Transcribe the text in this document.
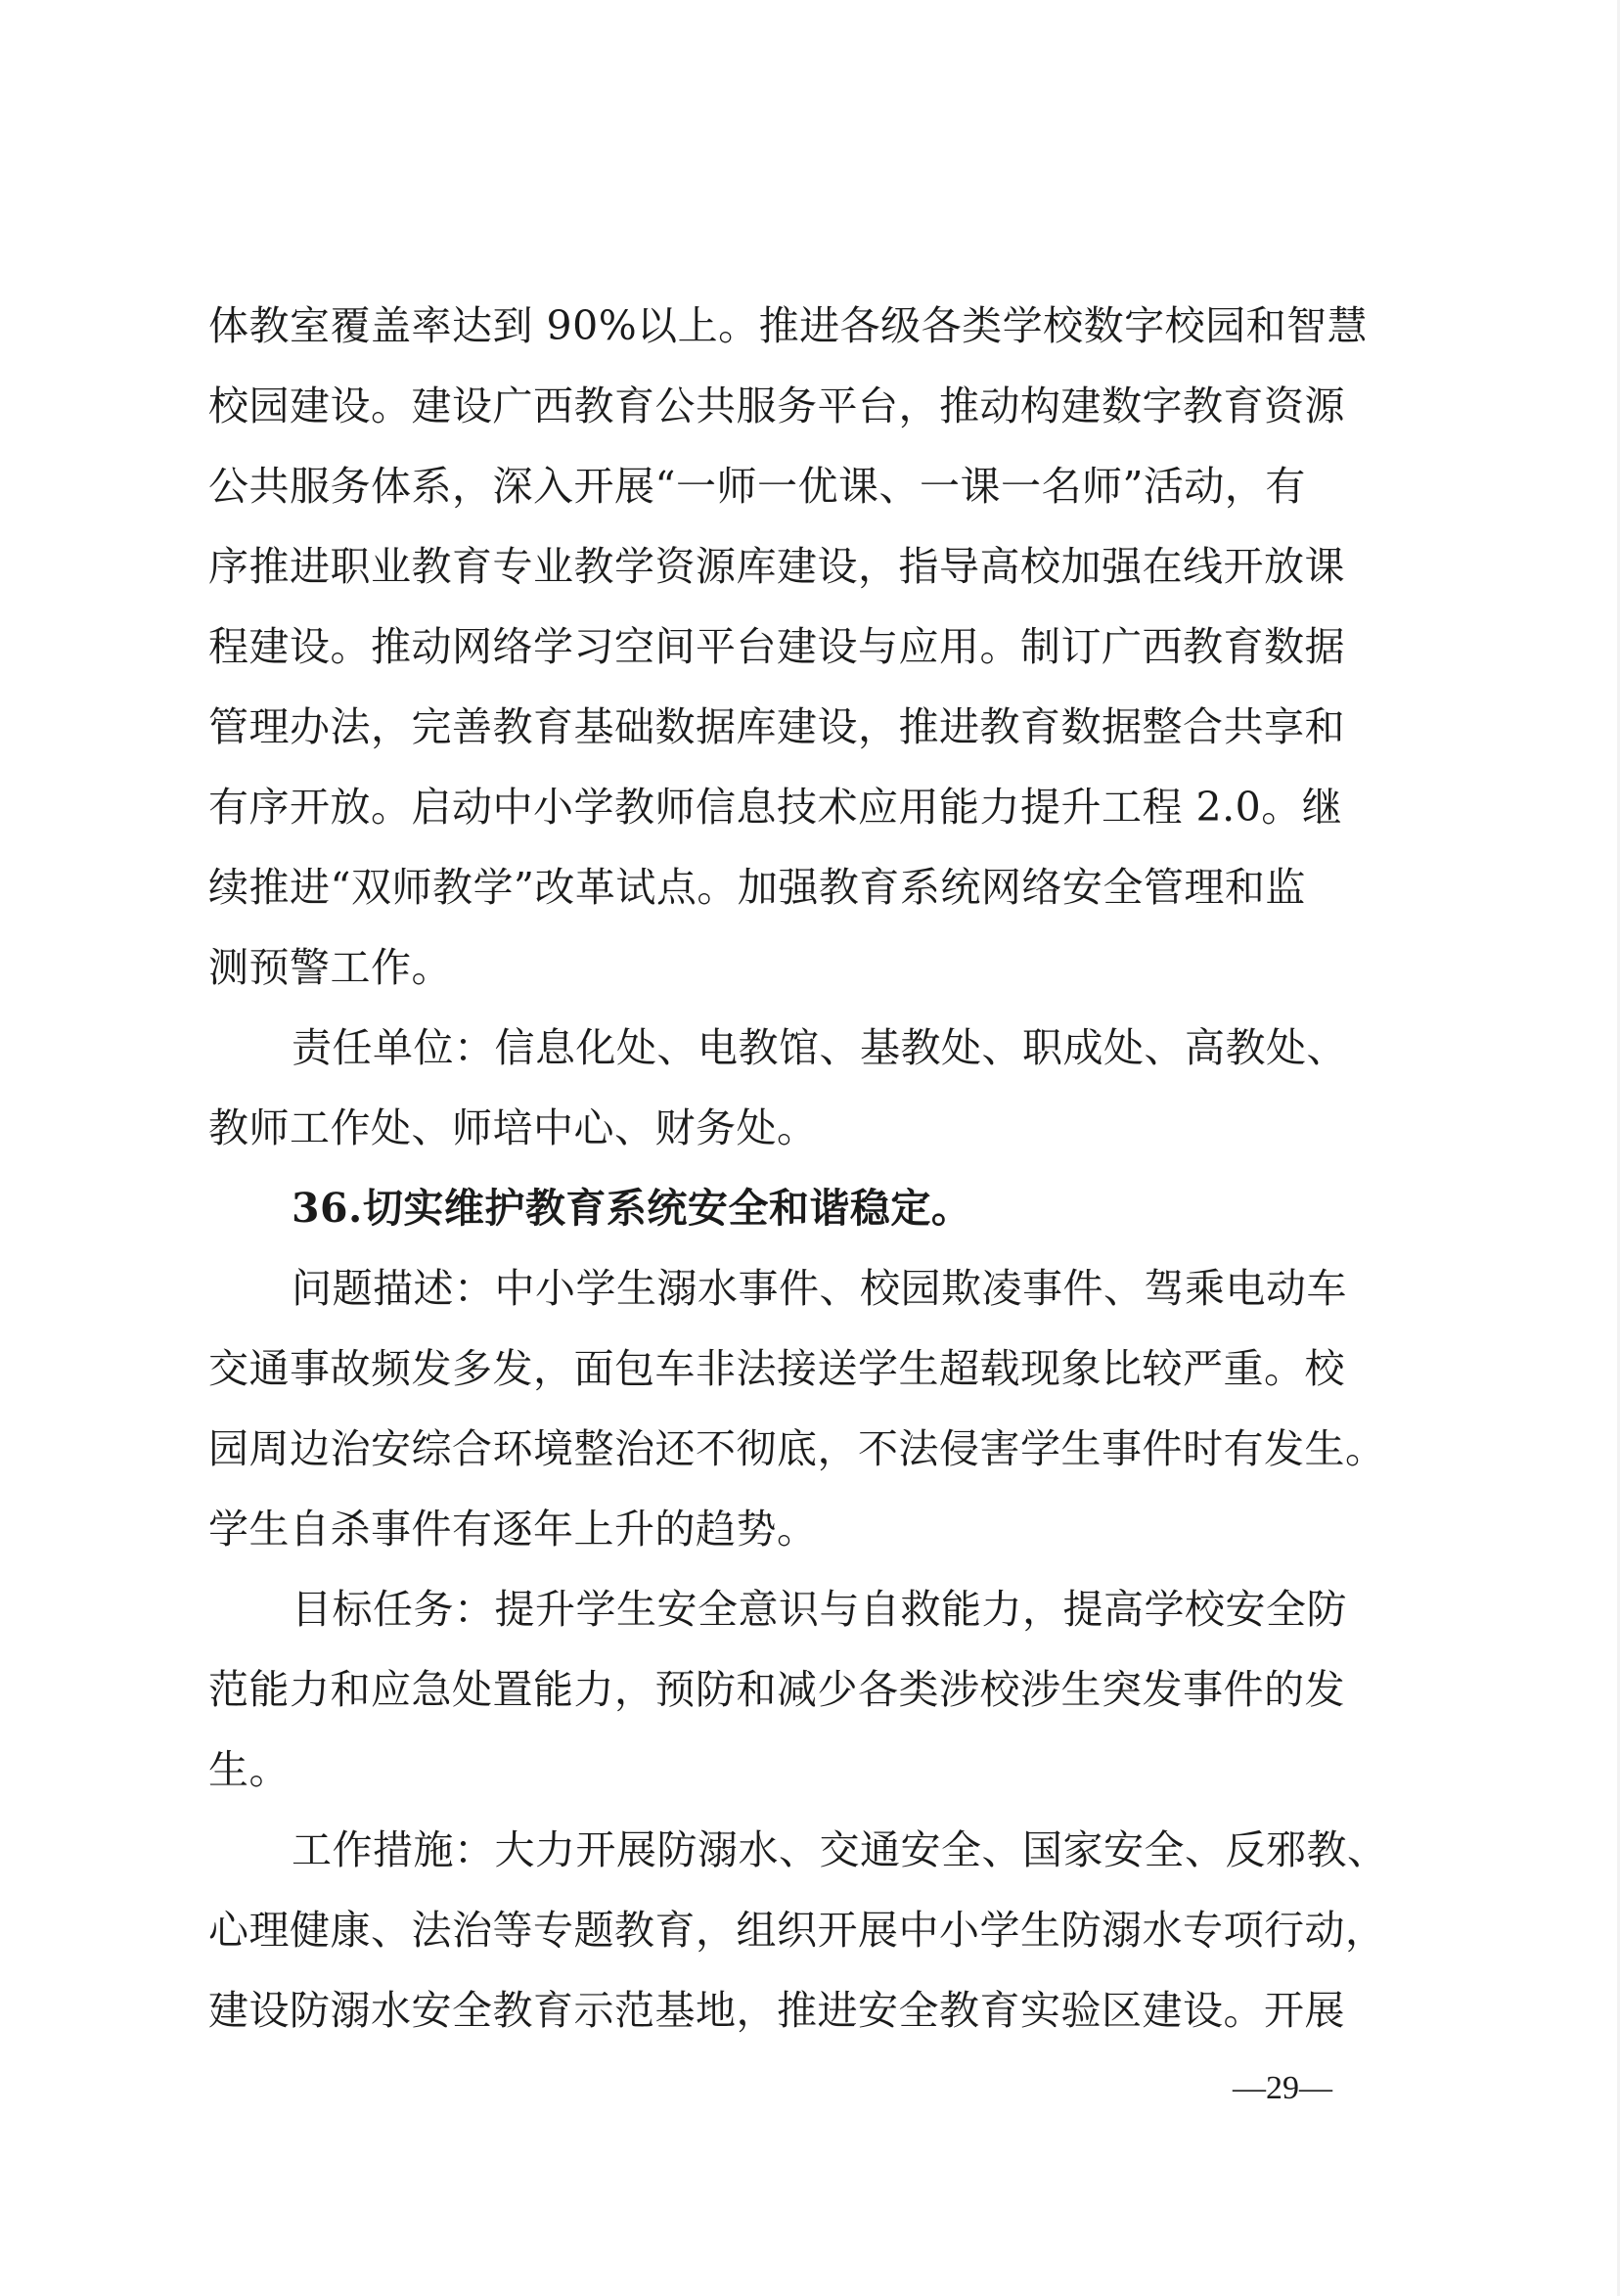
体教室覆盖率达到 90%以上。推进各级各类学校数字校园和智慧
校园建设。建设广西教育公共服务平台，推动构建数字教育资源
公共服务体系，深入开展“一师一优课、一课一名师”活动，有
序推进职业教育专业教学资源库建设，指导高校加强在线开放课
程建设。推动网络学习空间平台建设与应用。制订广西教育数据
管理办法，完善教育基础数据库建设，推进教育数据整合共享和
有序开放。启动中小学教师信息技术应用能力提升工程 2.0。继
续推进“双师教学”改革试点。加强教育系统网络安全管理和监
测预警工作。
责任单位：信息化处、电教馆、基教处、职成处、高教处、
教师工作处、师培中心、财务处。
36.切实维护教育系统安全和谐稳定。
问题描述：中小学生溺水事件、校园欺凌事件、驾乘电动车
交通事故频发多发，面包车非法接送学生超载现象比较严重。校
园周边治安综合环境整治还不彻底，不法侵害学生事件时有发生。
学生自杀事件有逐年上升的趋势。
目标任务：提升学生安全意识与自救能力，提高学校安全防
范能力和应急处置能力，预防和减少各类涉校涉生突发事件的发
生。
工作措施：大力开展防溺水、交通安全、国家安全、反邪教、
心理健康、法治等专题教育，组织开展中小学生防溺水专项行动，
建设防溺水安全教育示范基地，推进安全教育实验区建设。开展
—29—
